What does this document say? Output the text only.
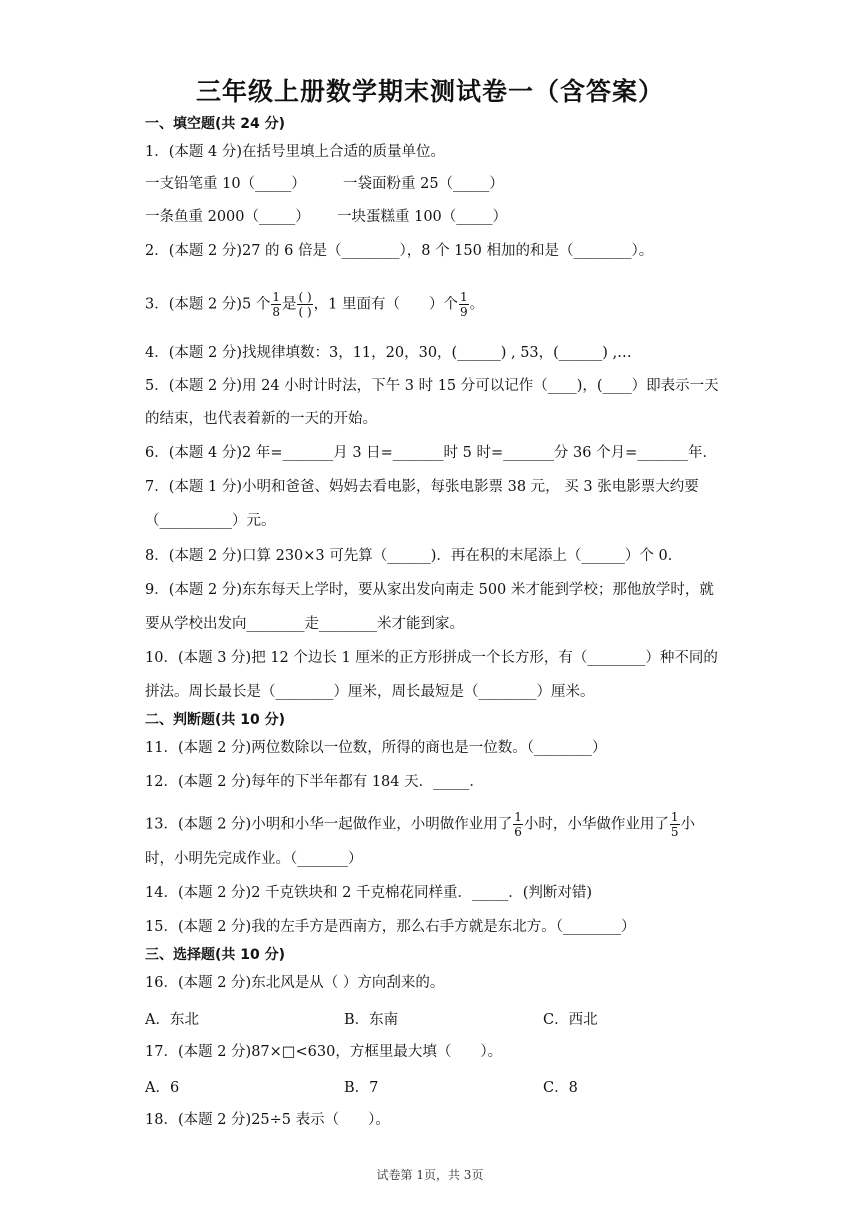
三年级上册数学期末测试卷一（含答案）
一、填空题(共 24 分)
1．(本题 4 分)在括号里填上合适的质量单位。
一支铅笔重 10（_____）	一袋面粉重 25（_____）
一条鱼重 2000（_____） 一块蛋糕重 100（_____）
2．(本题 2 分)27 的 6 倍是（________），8 个 150 相加的和是（________）。
3．(本题 2 分)5 个 $\frac{1}{8}$ 是 $\frac{( )}{( )}$ ，1 里面有（　　）个 $\frac{1}{9}$ 。
4．(本题 2 分)找规律填数：3，11，20，30，(______) , 53，(______) ,…
5．(本题 2 分)用 24 小时计时法，下午 3 时 15 分可以记作（____)，(____）即表示一天
的结束，也代表着新的一天的开始。
6．(本题 4 分)2 年=_______月 3 日=_______时 5 时=_______分 36 个月=_______年．
7．(本题 1 分)小明和爸爸、妈妈去看电影，每张电影票 38 元， 买 3 张电影票大约要
（__________）元。
8．(本题 2 分)口算 230×3 可先算（______)．再在积的末尾添上（______）个 0．
9．(本题 2 分)东东每天上学时，要从家出发向南走 500 米才能到学校；那他放学时，就
要从学校出发向________走________米才能到家。
10．(本题 3 分)把 12 个边长 1 厘米的正方形拼成一个长方形，有（________）种不同的
拼法。周长最长是（________）厘米，周长最短是（________）厘米。
二、判断题(共 10 分)
11．(本题 2 分)两位数除以一位数，所得的商也是一位数。（________）
12．(本题 2 分)每年的下半年都有 184 天．_____．
13．(本题 2 分)小明和小华一起做作业，小明做作业用了 $\frac{1}{6}$ 小时，小华做作业用了 $\frac{1}{5}$ 小
时，小明先完成作业。（_______）
14．(本题 2 分)2 千克铁块和 2 千克棉花同样重．_____．(判断对错)
15．(本题 2 分)我的左手方是西南方，那么右手方就是东北方。（________）
三、选择题(共 10 分)
16．(本题 2 分)东北风是从（ ）方向刮来的。
A．东北	B．东南	C．西北
17．(本题 2 分)87×□<630，方框里最大填（　　）。
A．6	B．7	C．8
18．(本题 2 分)25÷5 表示（　　）。
试卷第 1页，共 3页
